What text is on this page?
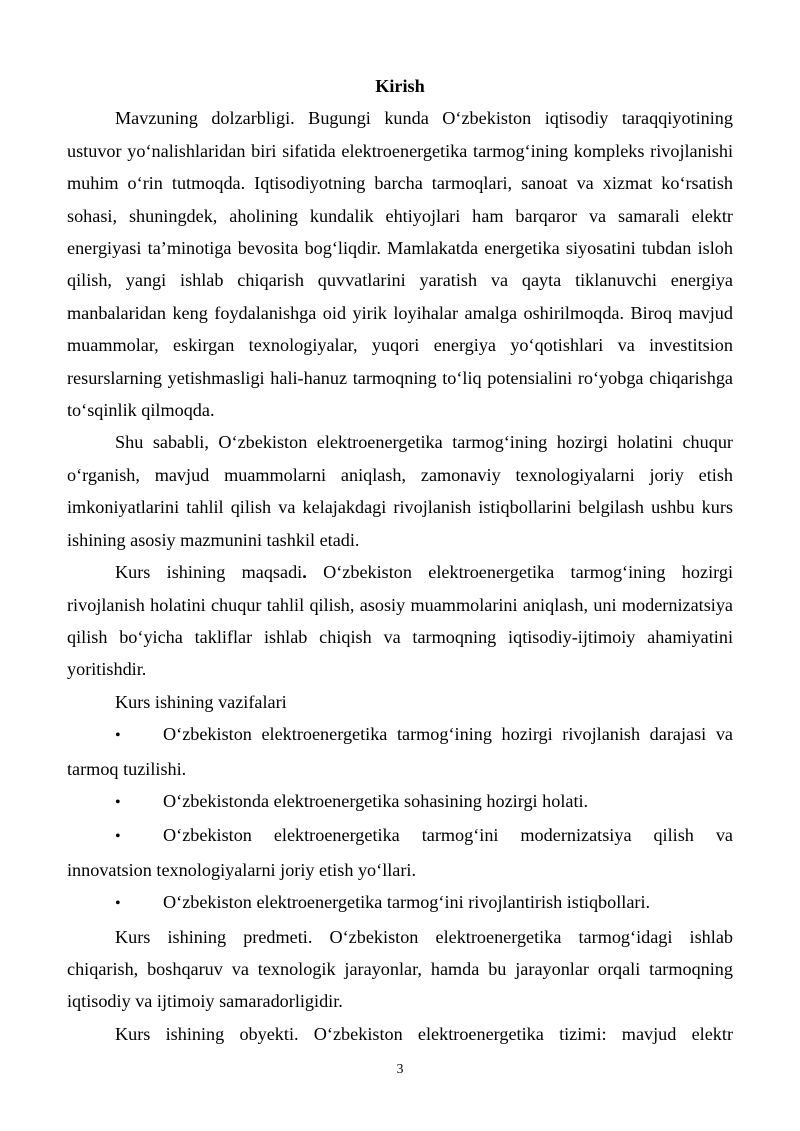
Kirish

Mavzuning dolzarbligi. Bugungi kunda O‘zbekiston iqtisodiy taraqqiyotining ustuvor yo‘nalishlaridan biri sifatida elektroenergetika tarmog‘ining kompleks rivojlanishi muhim o‘rin tutmoqda. Iqtisodiyotning barcha tarmoqlari, sanoat va xizmat ko‘rsatish sohasi, shuningdek, aholining kundalik ehtiyojlari ham barqaror va samarali elektr energiyasi ta’minotiga bevosita bog‘liqdir. Mamlakatda energetika siyosatini tubdan isloh qilish, yangi ishlab chiqarish quvvatlarini yaratish va qayta tiklanuvchi energiya manbalaridan keng foydalanishga oid yirik loyihalar amalga oshirilmoqda. Biroq mavjud muammolar, eskirgan texnologiyalar, yuqori energiya yo‘qotishlari va investitsion resurslarning yetishmasligi hali-hanuz tarmoqning to‘liq potensialini ro‘yobga chiqarishga to‘sqinlik qilmoqda.

Shu sababli, O‘zbekiston elektroenergetika tarmog‘ining hozirgi holatini chuqur o‘rganish, mavjud muammolarni aniqlash, zamonaviy texnologiyalarni joriy etish imkoniyatlarini tahlil qilish va kelajakdagi rivojlanish istiqbollarini belgilash ushbu kurs ishining asosiy mazmunini tashkil etadi.

Kurs ishining maqsadi. O‘zbekiston elektroenergetika tarmog‘ining hozirgi rivojlanish holatini chuqur tahlil qilish, asosiy muammolarini aniqlash, uni modernizatsiya qilish bo‘yicha takliflar ishlab chiqish va tarmoqning iqtisodiy-ijtimoiy ahamiyatini yoritishdir.

Kurs ishining vazifalari

• O‘zbekiston elektroenergetika tarmog‘ining hozirgi rivojlanish darajasi va tarmoq tuzilishi.

• O‘zbekistonda elektroenergetika sohasining hozirgi holati.

• O‘zbekiston elektroenergetika tarmog‘ini modernizatsiya qilish va innovatsion texnologiyalarni joriy etish yo‘llari.

• O‘zbekiston elektroenergetika tarmog‘ini rivojlantirish istiqbollari.

Kurs ishining predmeti. O‘zbekiston elektroenergetika tarmog‘idagi ishlab chiqarish, boshqaruv va texnologik jarayonlar, hamda bu jarayonlar orqali tarmoqning iqtisodiy va ijtimoiy samaradorligidir.

Kurs ishining obyekti. O‘zbekiston elektroenergetika tizimi: mavjud elektr

3
